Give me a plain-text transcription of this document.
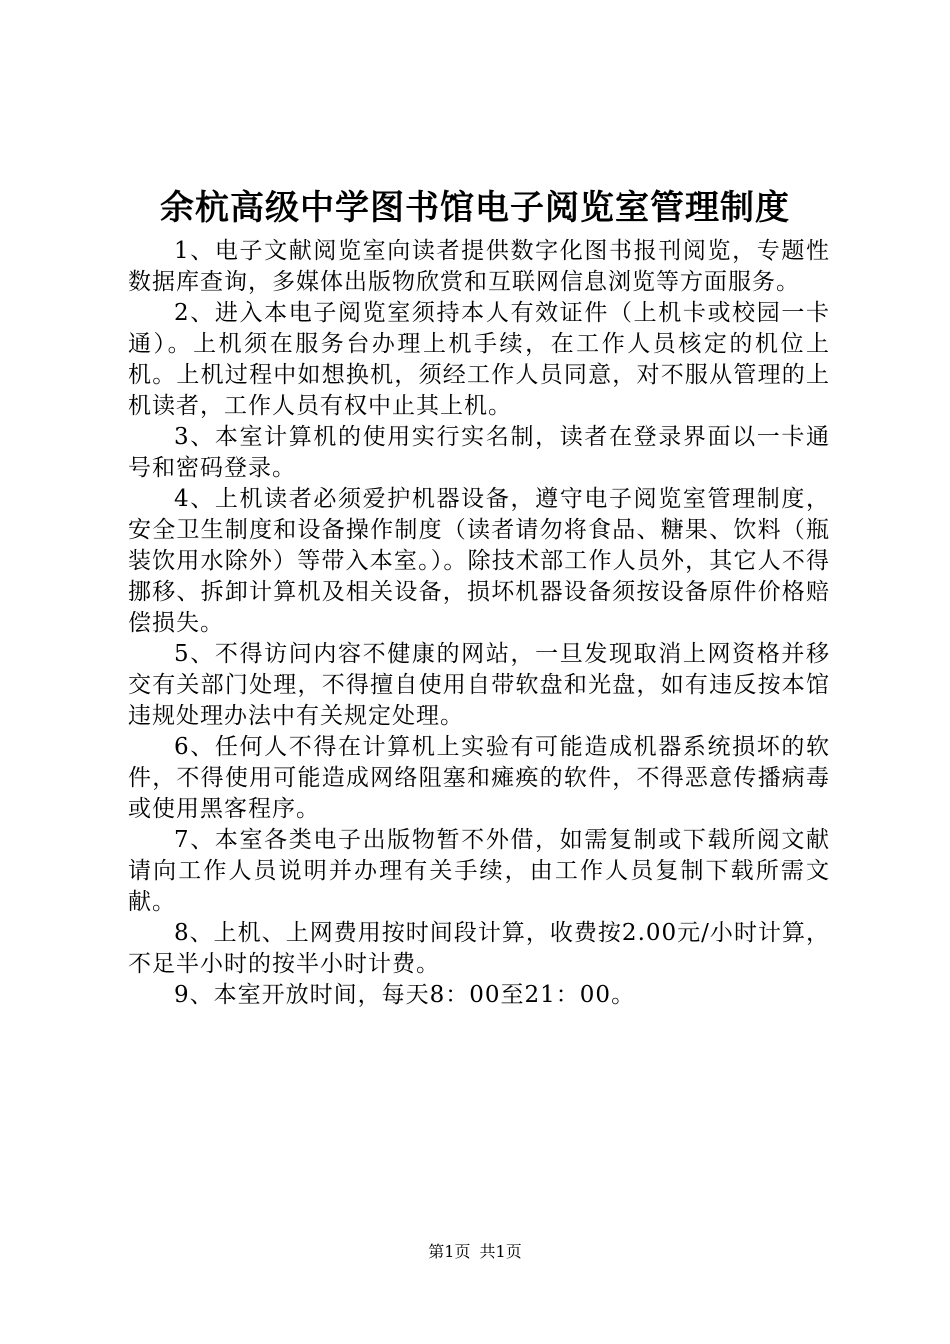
余杭高级中学图书馆电子阅览室管理制度

1、电子文献阅览室向读者提供数字化图书报刊阅览，专题性数据库查询，多媒体出版物欣赏和互联网信息浏览等方面服务。

2、进入本电子阅览室须持本人有效证件（上机卡或校园一卡通）。上机须在服务台办理上机手续，在工作人员核定的机位上机。上机过程中如想换机，须经工作人员同意，对不服从管理的上机读者，工作人员有权中止其上机。

3、本室计算机的使用实行实名制，读者在登录界面以一卡通号和密码登录。

4、上机读者必须爱护机器设备，遵守电子阅览室管理制度，安全卫生制度和设备操作制度（读者请勿将食品、糖果、饮料（瓶装饮用水除外）等带入本室。）。除技术部工作人员外，其它人不得挪移、拆卸计算机及相关设备，损坏机器设备须按设备原件价格赔偿损失。

5、不得访问内容不健康的网站，一旦发现取消上网资格并移交有关部门处理，不得擅自使用自带软盘和光盘，如有违反按本馆违规处理办法中有关规定处理。

6、任何人不得在计算机上实验有可能造成机器系统损坏的软件，不得使用可能造成网络阻塞和瘫痪的软件，不得恶意传播病毒或使用黑客程序。

7、本室各类电子出版物暂不外借，如需复制或下载所阅文献请向工作人员说明并办理有关手续，由工作人员复制下载所需文献。

8、上机、上网费用按时间段计算，收费按2.00元/小时计算，不足半小时的按半小时计费。

9、本室开放时间，每天8：00至21：00。

第1页 共1页
